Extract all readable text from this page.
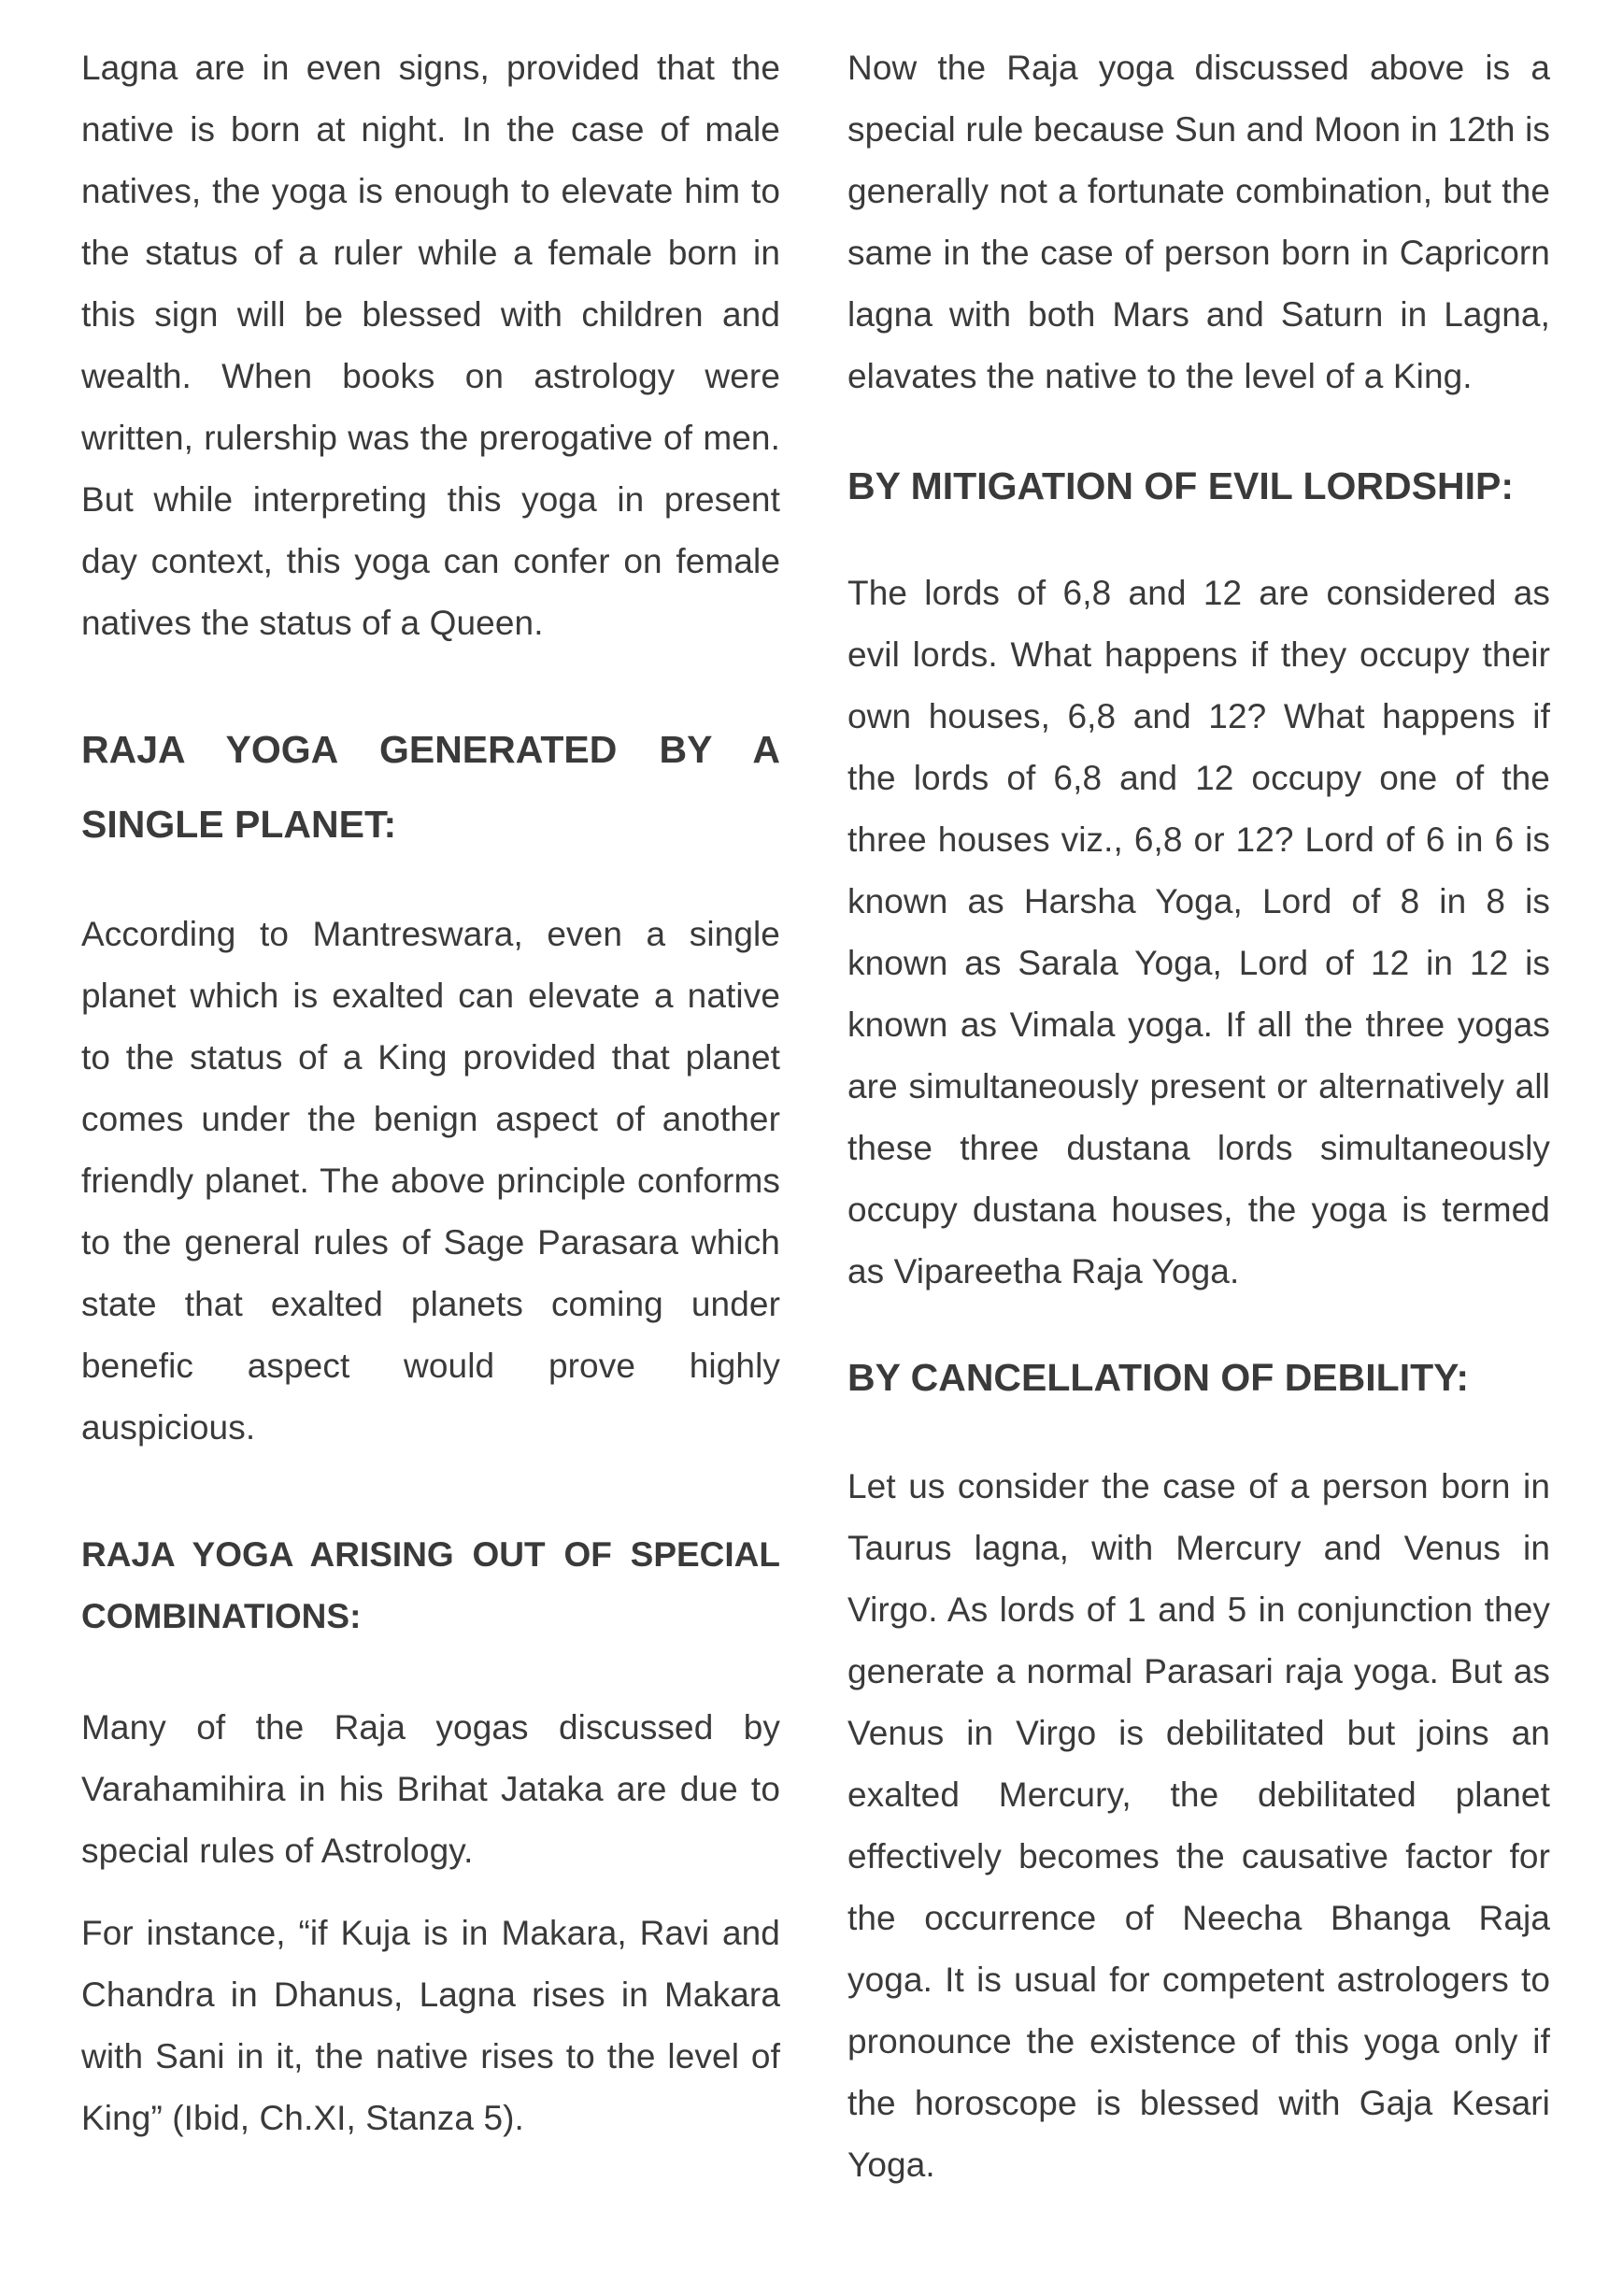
Lagna are in even signs, provided that the native is born at night. In the case of male natives, the yoga is enough to elevate him to the status of a ruler while a female born in this sign will be blessed with children and wealth. When books on astrology were written, rulership was the prerogative of men. But while interpreting this yoga in present day context, this yoga can confer on female natives the status of a Queen.

RAJA YOGA GENERATED BY A SINGLE PLANET:

According to Mantreswara, even a single planet which is exalted can elevate a native to the status of a King provided that planet comes under the benign aspect of another friendly planet. The above principle conforms to the general rules of Sage Parasara which state that exalted planets coming under benefic aspect would prove highly auspicious.

RAJA YOGA ARISING OUT OF SPECIAL COMBINATIONS:

Many of the Raja yogas discussed by Varahamihira in his Brihat Jataka are due to special rules of Astrology.

For instance, “if Kuja is in Makara, Ravi and Chandra in Dhanus, Lagna rises in Makara with Sani in it, the native rises to the level of King” (Ibid, Ch.XI, Stanza 5).

Now the Raja yoga discussed above is a special rule because Sun and Moon in 12th is generally not a fortunate combination, but the same in the case of person born in Capricorn lagna with both Mars and Saturn in Lagna, elavates the native to the level of a King.

BY MITIGATION OF EVIL LORDSHIP:

The lords of 6,8 and 12 are considered as evil lords. What happens if they occupy their own houses, 6,8 and 12? What happens if the lords of 6,8 and 12 occupy one of the three houses viz., 6,8 or 12? Lord of 6 in 6 is known as Harsha Yoga, Lord of 8 in 8 is known as Sarala Yoga, Lord of 12 in 12 is known as Vimala yoga. If all the three yogas are simultaneously present or alternatively all these three dustana lords simultaneously occupy dustana houses, the yoga is termed as Vipareetha Raja Yoga.

BY CANCELLATION OF DEBILITY:

Let us consider the case of a person born in Taurus lagna, with Mercury and Venus in Virgo. As lords of 1 and 5 in conjunction they generate a normal Parasari raja yoga. But as Venus in Virgo is debilitated but joins an exalted Mercury, the debilitated planet effectively becomes the causative factor for the occurrence of Neecha Bhanga Raja yoga. It is usual for competent astrologers to pronounce the existence of this yoga only if the horoscope is blessed with Gaja Kesari Yoga.
